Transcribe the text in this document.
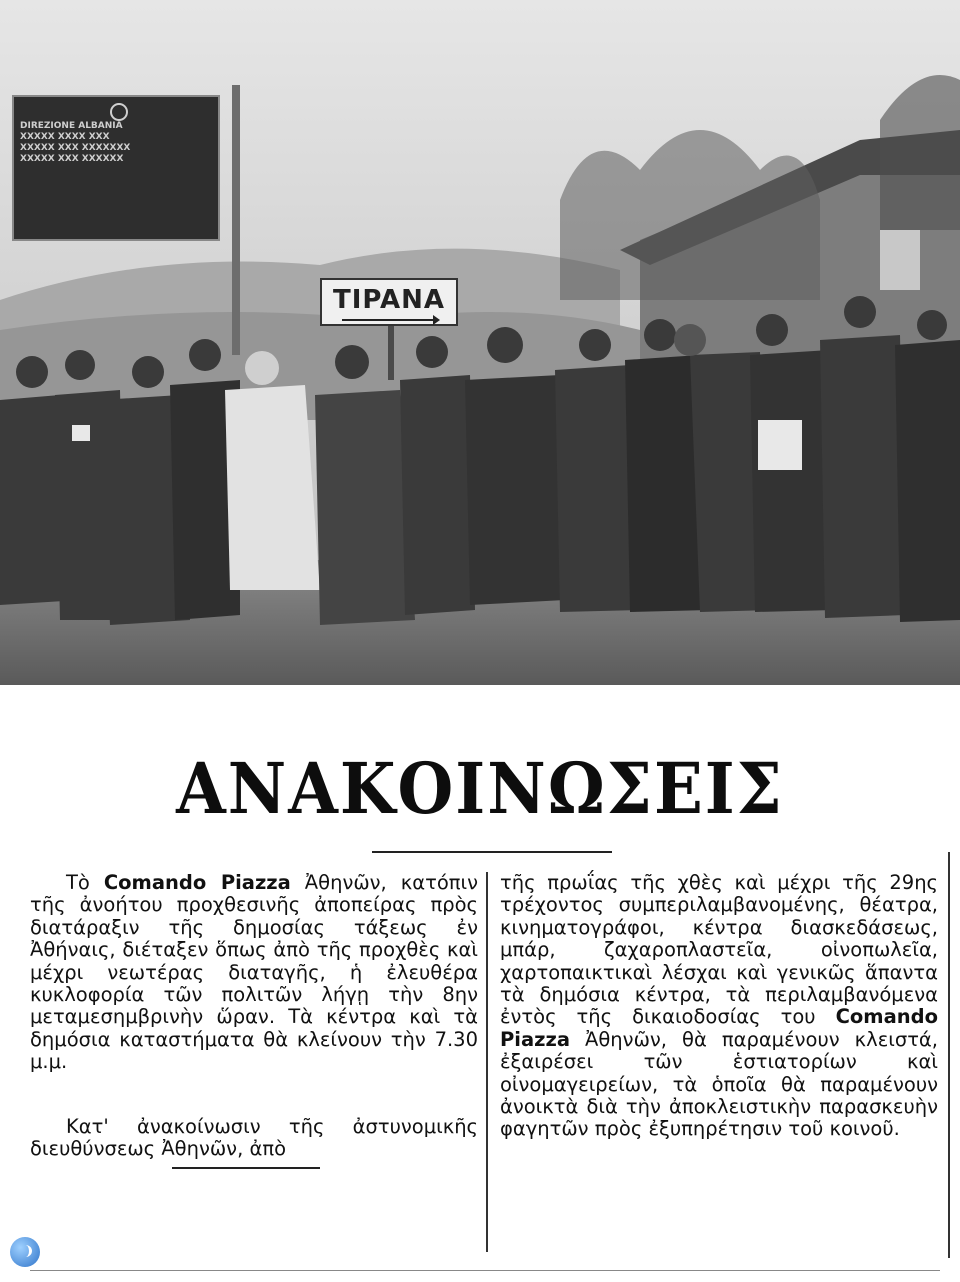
DIREZIONE ALBANIA
XXXXX XXXX XXX
XXXXX XXX XXXXXXX
XXXXX XXX XXXXXX
TIPANA
ΑΝΑΚΟΙΝΩΣΕΙΣ

Τὸ Comando Piazza Ἀθηνῶν, κατόπιν τῆς ἀνοήτου προχθεσινῆς ἀποπείρας πρὸς διατάραξιν τῆς δημοσίας τάξεως ἐν Ἀθήναις, διέταξεν ὅπως ἀπὸ τῆς προχθὲς καὶ μέχρι νεωτέρας διαταγῆς, ἡ ἐλευθέρα κυκλοφορία τῶν πολιτῶν λήγῃ τὴν 8ην μεταμεσημβρινὴν ὥραν. Τὰ κέντρα καὶ τὰ δημόσια καταστήματα θὰ κλείνουν τὴν 7.30 μ.μ.

Κατ' ἀνακοίνωσιν τῆς ἀστυνομικῆς διευθύνσεως Ἀθηνῶν, ἀπὸ

τῆς πρωΐας τῆς χθὲς καὶ μέχρι τῆς 29ης τρέχοντος συμπεριλαμβανομένης, θέατρα, κινηματογράφοι, κέντρα διασκεδάσεως, μπάρ, ζαχαροπλαστεῖα, οἰνοπωλεῖα, χαρτοπαικτικαὶ λέσχαι καὶ γενικῶς ἅπαντα τὰ δημόσια κέντρα, τὰ περιλαμβανόμενα ἐντὸς τῆς δικαιοδοσίας του Comando Piazza Ἀθηνῶν, θὰ παραμένουν κλειστά, ἐξαιρέσει τῶν ἑστιατορίων καὶ οἰνομαγειρείων, τὰ ὁποῖα θὰ παραμένουν ἀνοικτὰ διὰ τὴν ἀποκλειστικὴν παρασκευὴν φαγητῶν πρὸς ἐξυπηρέτησιν τοῦ κοινοῦ.
